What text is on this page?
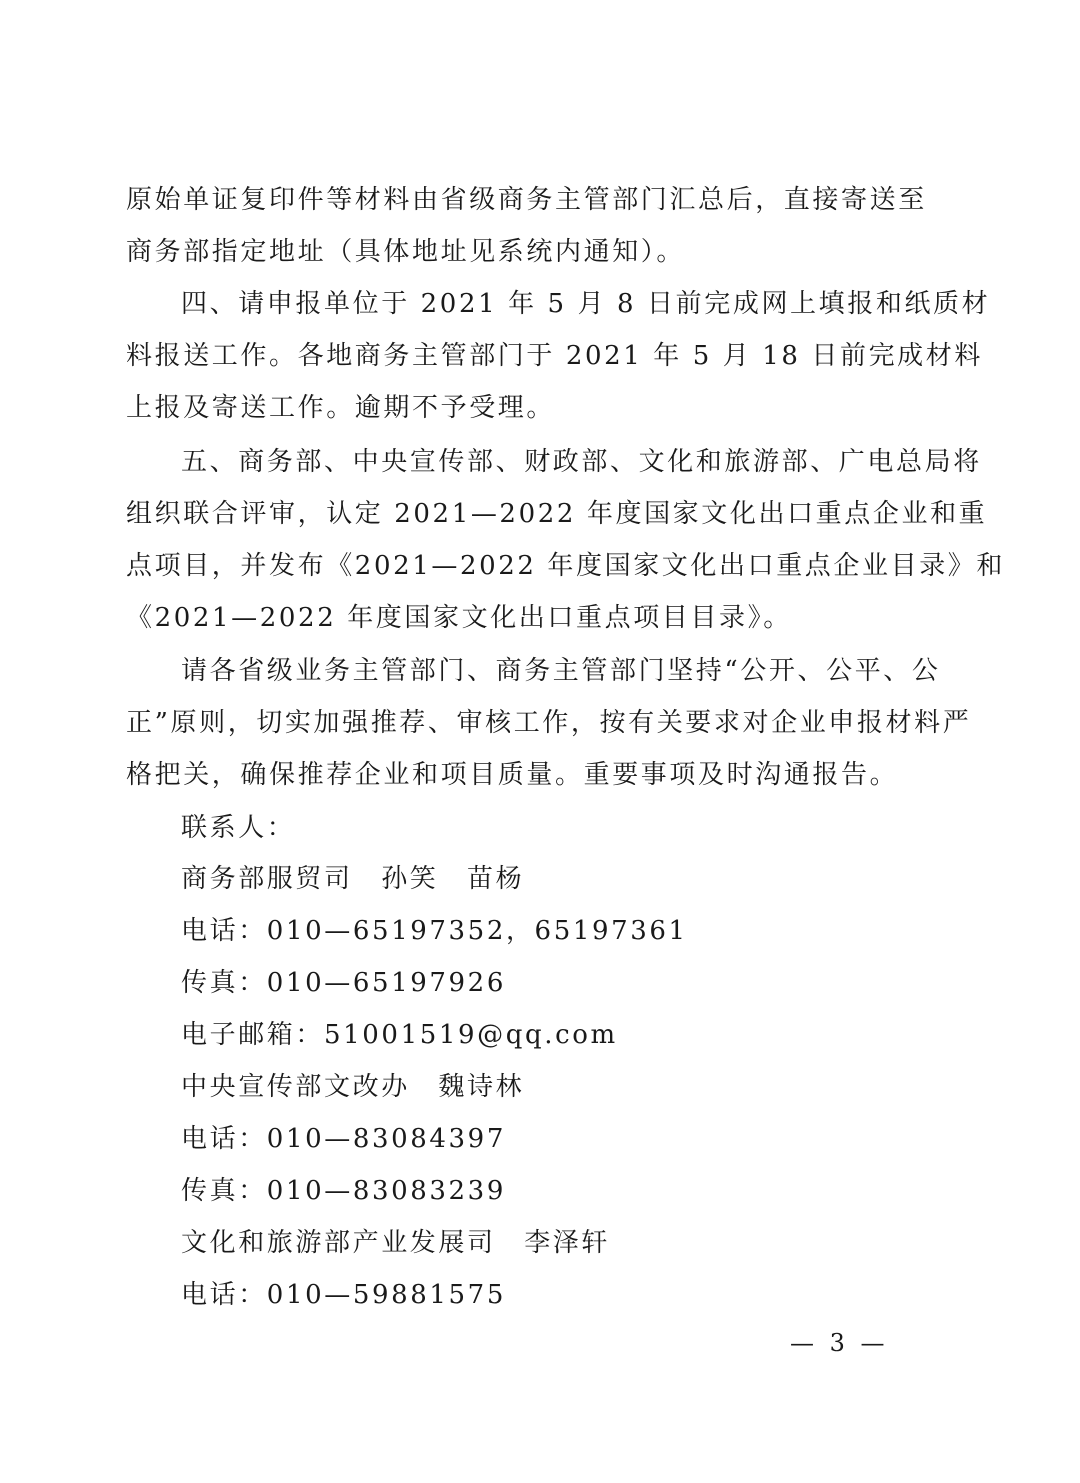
原始单证复印件等材料由省级商务主管部门汇总后，直接寄送至
商务部指定地址（具体地址见系统内通知）。
四、请申报单位于 2021 年 5 月 8 日前完成网上填报和纸质材
料报送工作。各地商务主管部门于 2021 年 5 月 18 日前完成材料
上报及寄送工作。逾期不予受理。
五、商务部、中央宣传部、财政部、文化和旅游部、广电总局将
组织联合评审，认定 2021—2022 年度国家文化出口重点企业和重
点项目，并发布《2021—2022 年度国家文化出口重点企业目录》和
《2021—2022 年度国家文化出口重点项目目录》。
请各省级业务主管部门、商务主管部门坚持“公开、公平、公
正”原则，切实加强推荐、审核工作，按有关要求对企业申报材料严
格把关，确保推荐企业和项目质量。重要事项及时沟通报告。
联系人：
商务部服贸司　孙笑　苗杨
电话：010—65197352，65197361
传真：010—65197926
电子邮箱：51001519@qq.com
中央宣传部文改办　魏诗林
电话：010—83084397
传真：010—83083239
文化和旅游部产业发展司　李泽轩
电话：010—59881575
— 3 —
